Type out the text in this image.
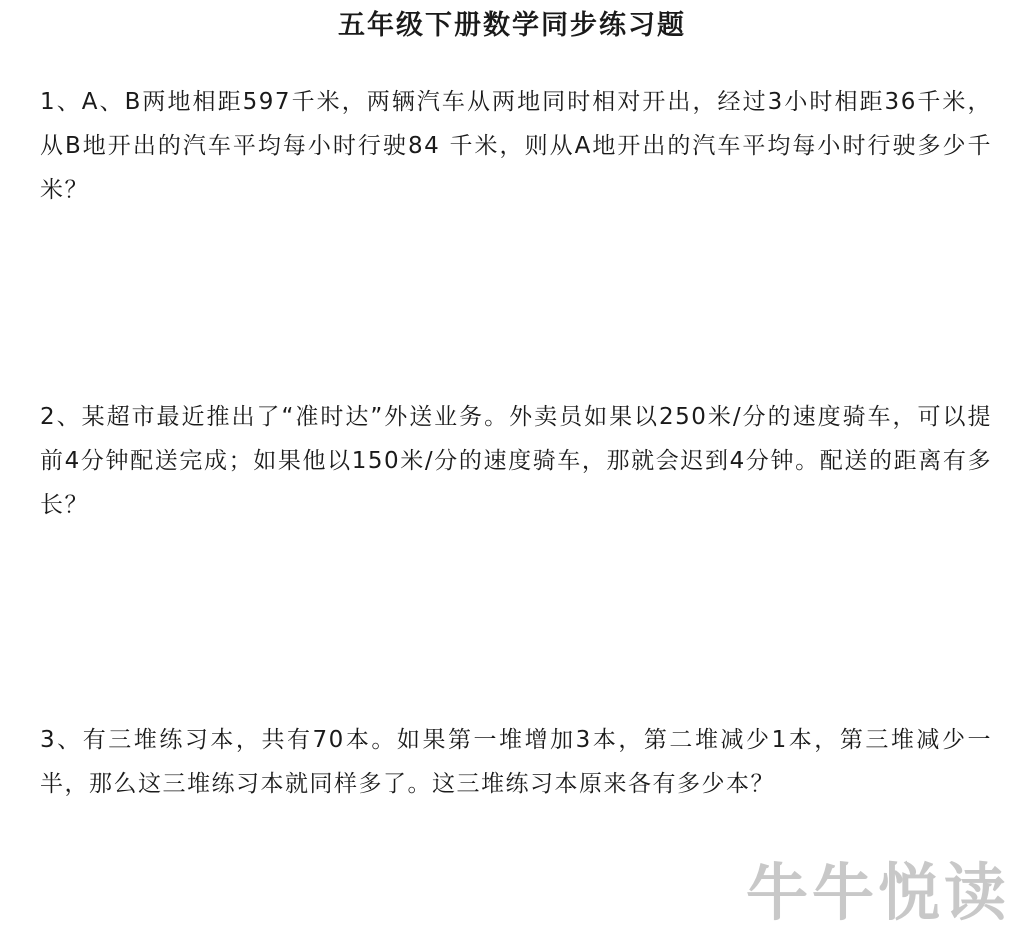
五年级下册数学同步练习题

1、A、B两地相距597千米，两辆汽车从两地同时相对开出，经过3小时相距36千米，从B地开出的汽车平均每小时行驶84 千米，则从A地开出的汽车平均每小时行驶多少千米？

2、某超市最近推出了“准时达”外送业务。外卖员如果以250米/分的速度骑车，可以提前4分钟配送完成；如果他以150米/分的速度骑车，那就会迟到4分钟。配送的距离有多长？

3、有三堆练习本，共有70本。如果第一堆增加3本，第二堆减少1本，第三堆减少一半，那么这三堆练习本就同样多了。这三堆练习本原来各有多少本？

牛牛悦读
